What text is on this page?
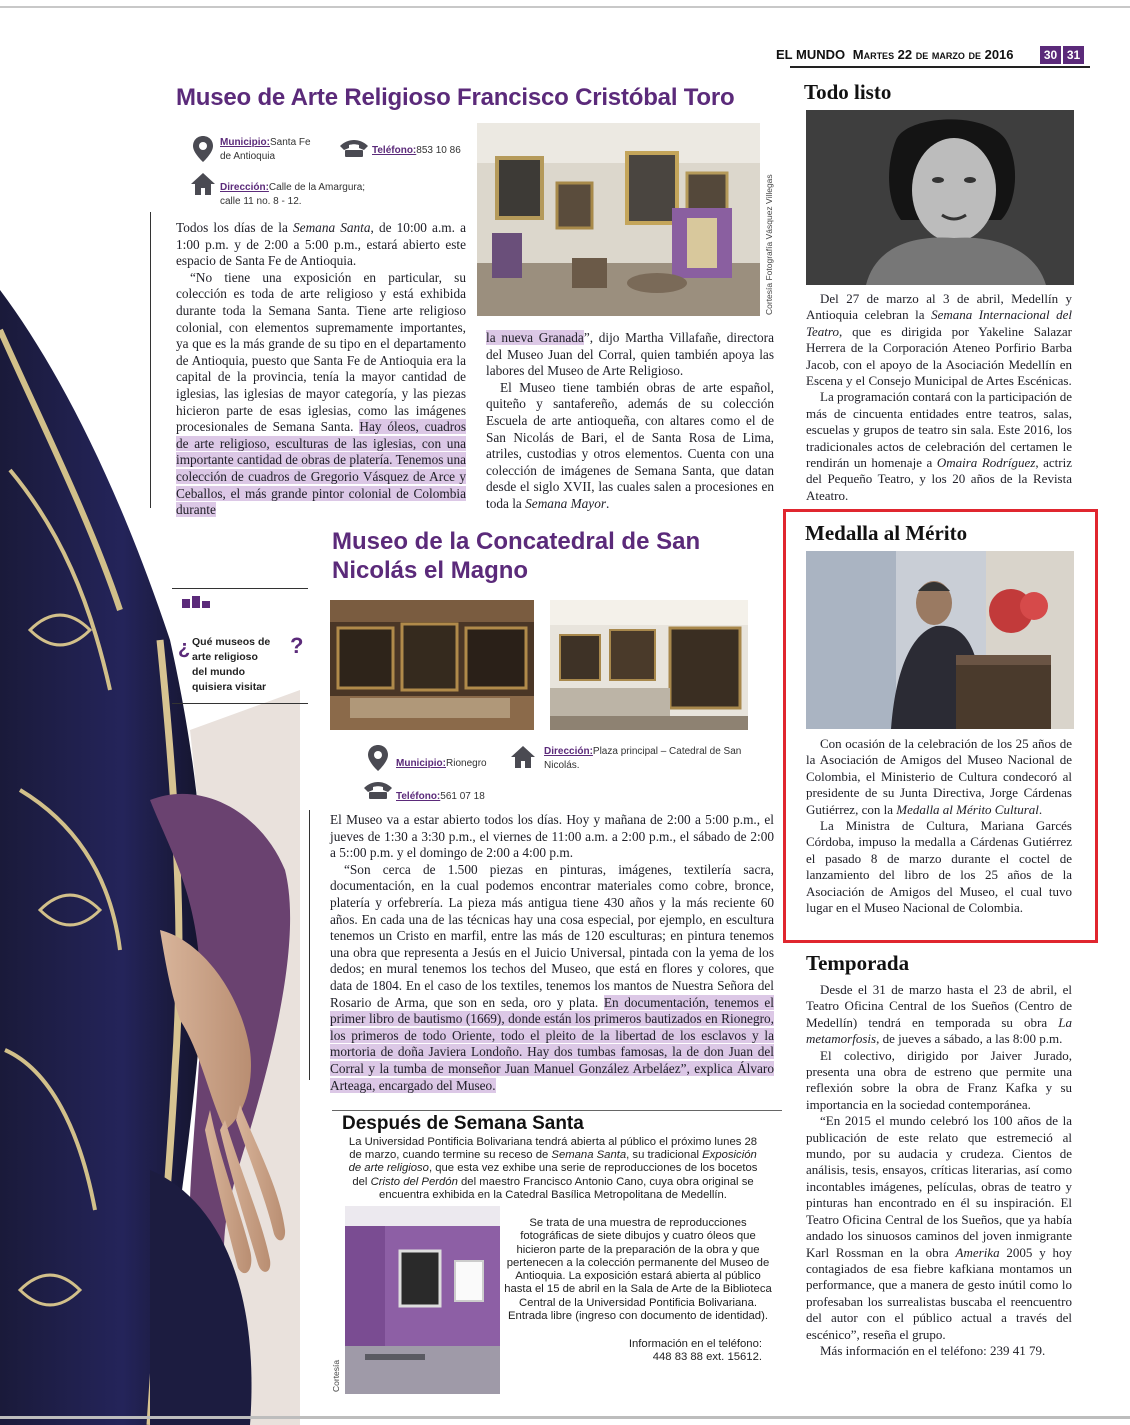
EL MUNDO Martes 22 de marzo de 2016	30 31
Museo de Arte Religioso Francisco Cristóbal Toro
Municipio:Santa Fe de Antioquia
Teléfono:853 10 86
Dirección:Calle de la Amargura; calle 11 no. 8 - 12.	Cortesía Fotografía Vásquez Villegas

Todos los días de la Semana Santa, de 10:00 a.m. a 1:00 p.m. y de 2:00 a 5:00 p.m., estará abierto este espacio de Santa Fe de Antioquia.

“No tiene una exposición en particular, su colección es toda de arte religioso y está exhibida durante toda la Semana Santa. Tiene arte religioso colonial, con elementos supremamente importantes, ya que es la más grande de su tipo en el departamento de Antioquia, puesto que Santa Fe de Antioquia era la capital de la provincia, tenía la mayor cantidad de iglesias, las iglesias de mayor categoría, y las piezas hicieron parte de esas iglesias, como las imágenes procesionales de Semana Santa. Hay óleos, cuadros de arte religioso, esculturas de las iglesias, con una importante cantidad de obras de platería. Tenemos una colección de cuadros de Gregorio Vásquez de Arce y Ceballos, el más grande pintor colonial de Colombia durante

la nueva Granada”, dijo Martha Villafañe, directora del Museo Juan del Corral, quien también apoya las labores del Museo de Arte Religioso.

El Museo tiene también obras de arte español, quiteño y santafereño, además de su colección Escuela de arte antioqueña, con altares como el de San Nicolás de Bari, el de Santa Rosa de Lima, atriles, custodias y otros elementos. Cuenta con una colección de imágenes de Semana Santa, que datan desde el siglo XVII, las cuales salen a procesiones en toda la Semana Mayor.

Museo de la Concatedral de San
Nicolás el Magno
¿ Qué museos de arte religioso del mundo quisiera visitar
?
Municipio:Rionegro
Dirección:Plaza principal – Catedral de San Nicolás.
Teléfono:561 07 18

El Museo va a estar abierto todos los días. Hoy y mañana de 2:00 a 5:00 p.m., el jueves de 1:30 a 3:30 p.m., el viernes de 11:00 a.m. a 2:00 p.m., el sábado de 2:00 a 5::00 p.m. y el domingo de 2:00 a 4:00 p.m.

“Son cerca de 1.500 piezas en pinturas, imágenes, textilería sacra, documentación, en la cual podemos encontrar materiales como cobre, bronce, platería y orfebrería. La pieza más antigua tiene 430 años y la más reciente 60 años. En cada una de las técnicas hay una cosa especial, por ejemplo, en escultura tenemos un Cristo en marfil, entre las más de 120 esculturas; en pintura tenemos una obra que representa a Jesús en el Juicio Universal, pintada con la yema de los dedos; en mural tenemos los techos del Museo, que está en flores y colores, que data de 1804. En el caso de los textiles, tenemos los mantos de Nuestra Señora del Rosario de Arma, que son en seda, oro y plata. En documentación, tenemos el primer libro de bautismo (1669), donde están los primeros bautizados en Rionegro, los primeros de todo Oriente, todo el pleito de la libertad de los esclavos y la mortoria de doña Javiera Londoño. Hay dos tumbas famosas, la de don Juan del Corral y la tumba de monseñor Juan Manuel González Arbeláez”, explica Álvaro Arteaga, encargado del Museo.

Después de Semana Santa
La Universidad Pontificia Bolivariana tendrá abierta al público el próximo lunes 28 de marzo, cuando termine su receso de Semana Santa, su tradicional Exposición de arte religioso, que esta vez exhibe una serie de reproducciones de los bocetos del Cristo del Perdón del maestro Francisco Antonio Cano, cuya obra original se encuentra exhibida en la Catedral Basílica Metropolitana de Medellín.
Cortesía
Se trata de una muestra de reproducciones fotográficas de siete dibujos y cuatro óleos que hicieron parte de la preparación de la obra y que pertenecen a la colección permanente del Museo de Antioquia. La exposición estará abierta al público hasta el 15 de abril en la Sala de Arte de la Biblioteca Central de la Universidad Pontificia Bolivariana. Entrada libre (ingreso con documento de identidad).
Información en el teléfono: 448 83 88 ext. 15612.
Todo listo

Del 27 de marzo al 3 de abril, Medellín y Antioquia celebran la Semana Internacional del Teatro, que es dirigida por Yakeline Salazar Herrera de la Corporación Ateneo Porfirio Barba Jacob, con el apoyo de la Asociación Medellín en Escena y el Consejo Municipal de Artes Escénicas.

La programación contará con la participación de más de cincuenta entidades entre teatros, salas, escuelas y grupos de teatro sin sala. Este 2016, los tradicionales actos de celebración del certamen le rendirán un homenaje a Omaira Rodríguez, actriz del Pequeño Teatro, y los 20 años de la Revista Ateatro.

Medalla al Mérito

Con ocasión de la celebración de los 25 años de la Asociación de Amigos del Museo Nacional de Colombia, el Ministerio de Cultura condecoró al presidente de su Junta Directiva, Jorge Cárdenas Gutiérrez, con la Medalla al Mérito Cultural.

La Ministra de Cultura, Mariana Garcés Córdoba, impuso la medalla a Cárdenas Gutiérrez el pasado 8 de marzo durante el coctel de lanzamiento del libro de los 25 años de la Asociación de Amigos del Museo, el cual tuvo lugar en el Museo Nacional de Colombia.

Temporada

Desde el 31 de marzo hasta el 23 de abril, el Teatro Oficina Central de los Sueños (Centro de Medellín) tendrá en temporada su obra La metamorfosis, de jueves a sábado, a las 8:00 p.m.

El colectivo, dirigido por Jaiver Jurado, presenta una obra de estreno que permite una reflexión sobre la obra de Franz Kafka y su importancia en la sociedad contemporánea.

“En 2015 el mundo celebró los 100 años de la publicación de este relato que estremeció al mundo, por su audacia y crudeza. Cientos de análisis, tesis, ensayos, críticas literarias, así como incontables imágenes, películas, obras de teatro y pinturas han encontrado en él su inspiración. El Teatro Oficina Central de los Sueños, que ya había andado los sinuosos caminos del joven inmigrante Karl Rossman en la obra Amerika 2005 y hoy contagiados de esa fiebre kafkiana montamos un performance, que a manera de gesto inútil como lo profesaban los surrealistas buscaba el reencuentro del autor con el público actual a través del escénico”, reseña el grupo.

Más información en el teléfono: 239 41 79.
